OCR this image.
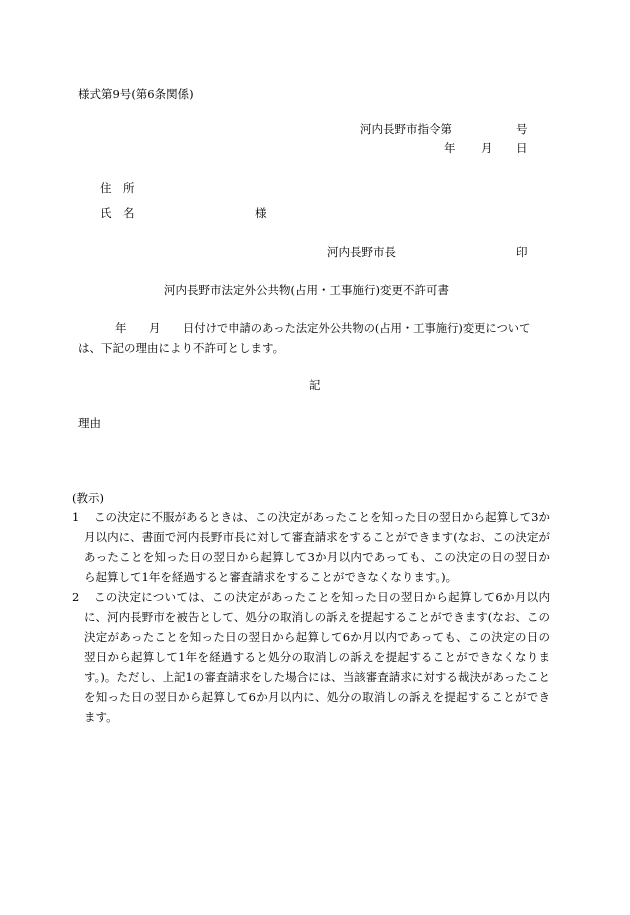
様式第9号(第6条関係)
河内長野市指令第	号
年 月 日
住　所
氏　名	様
河内長野市長	印
河内長野市法定外公共物(占用・工事施行)変更不許可書
年 月 日付けで申請のあった法定外公共物の(占用・工事施行)変更について
は、下記の理由により不許可とします。
記
理由
(教示)
1	この決定に不服があるときは、この決定があったことを知った日の翌日から起算して3か月以内に、書面で河内長野市長に対して審査請求をすることができます(なお、この決定があったことを知った日の翌日から起算して3か月以内であっても、この決定の日の翌日から起算して1年を経過すると審査請求をすることができなくなります。)。
2	この決定については、この決定があったことを知った日の翌日から起算して6か月以内に、河内長野市を被告として、処分の取消しの訴えを提起することができます(なお、この決定があったことを知った日の翌日から起算して6か月以内であっても、この決定の日の翌日から起算して1年を経過すると処分の取消しの訴えを提起することができなくなります。)。ただし、上記1の審査請求をした場合には、当該審査請求に対する裁決があったことを知った日の翌日から起算して6か月以内に、処分の取消しの訴えを提起することができます。
